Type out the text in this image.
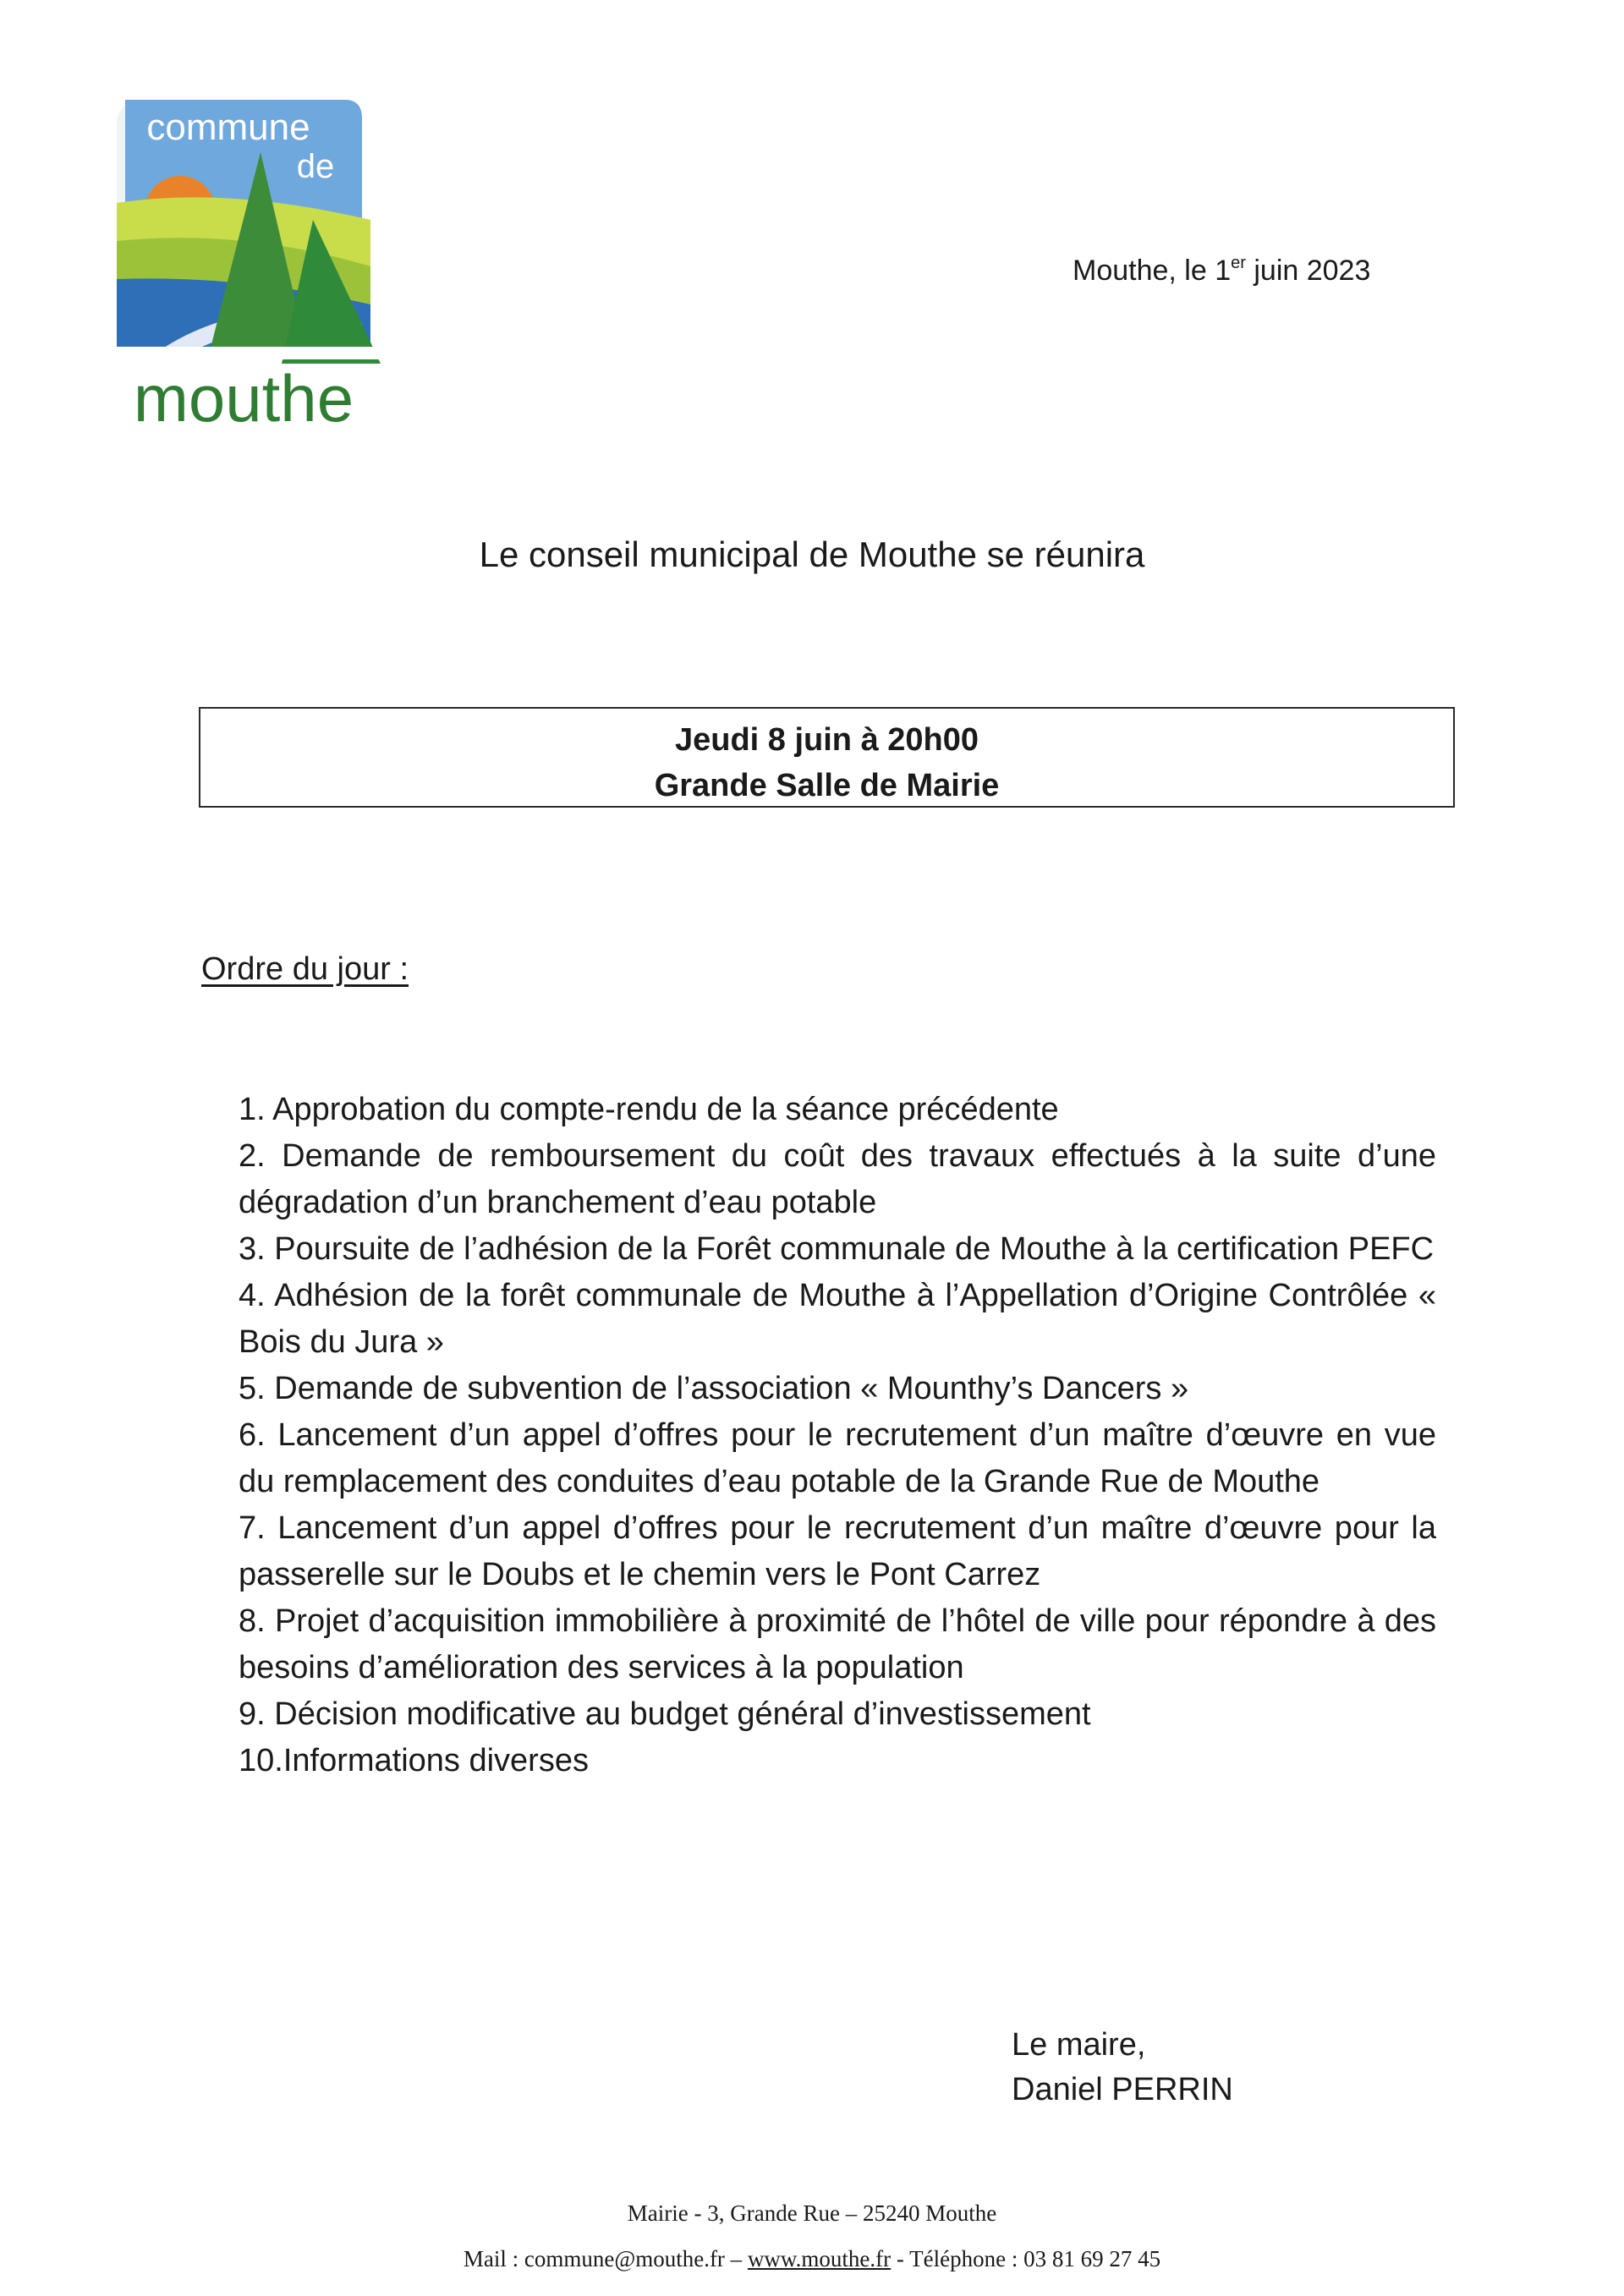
commune
de
mouthe
Mouthe, le 1er juin 2023
Le conseil municipal de Mouthe se réunira
Jeudi 8 juin à 20h00
Grande Salle de Mairie
Ordre du jour :
1. Approbation du compte-rendu de la séance précédente
2. Demande de remboursement du coût des travaux effectués à la suite d’une dégradation d’un branchement d’eau potable
3. Poursuite de l’adhésion de la Forêt communale de Mouthe à la certification PEFC
4. Adhésion de la forêt communale de Mouthe à l’Appellation d’Origine Contrôlée « Bois du Jura »
5. Demande de subvention de l’association « Mounthy’s Dancers »
6. Lancement d’un appel d’offres pour le recrutement d’un maître d’œuvre en vue du remplacement des conduites d’eau potable de la Grande Rue de Mouthe
7. Lancement d’un appel d’offres pour le recrutement d’un maître d’œuvre pour la passerelle sur le Doubs et le chemin vers le Pont Carrez
8. Projet d’acquisition immobilière à proximité de l’hôtel de ville pour répondre à des besoins d’amélioration des services à la population
9. Décision modificative au budget général d’investissement
10.Informations diverses
Le maire,
Daniel PERRIN
Mairie - 3, Grande Rue – 25240 Mouthe
Mail : commune@mouthe.fr – www.mouthe.fr - Téléphone : 03 81 69 27 45
